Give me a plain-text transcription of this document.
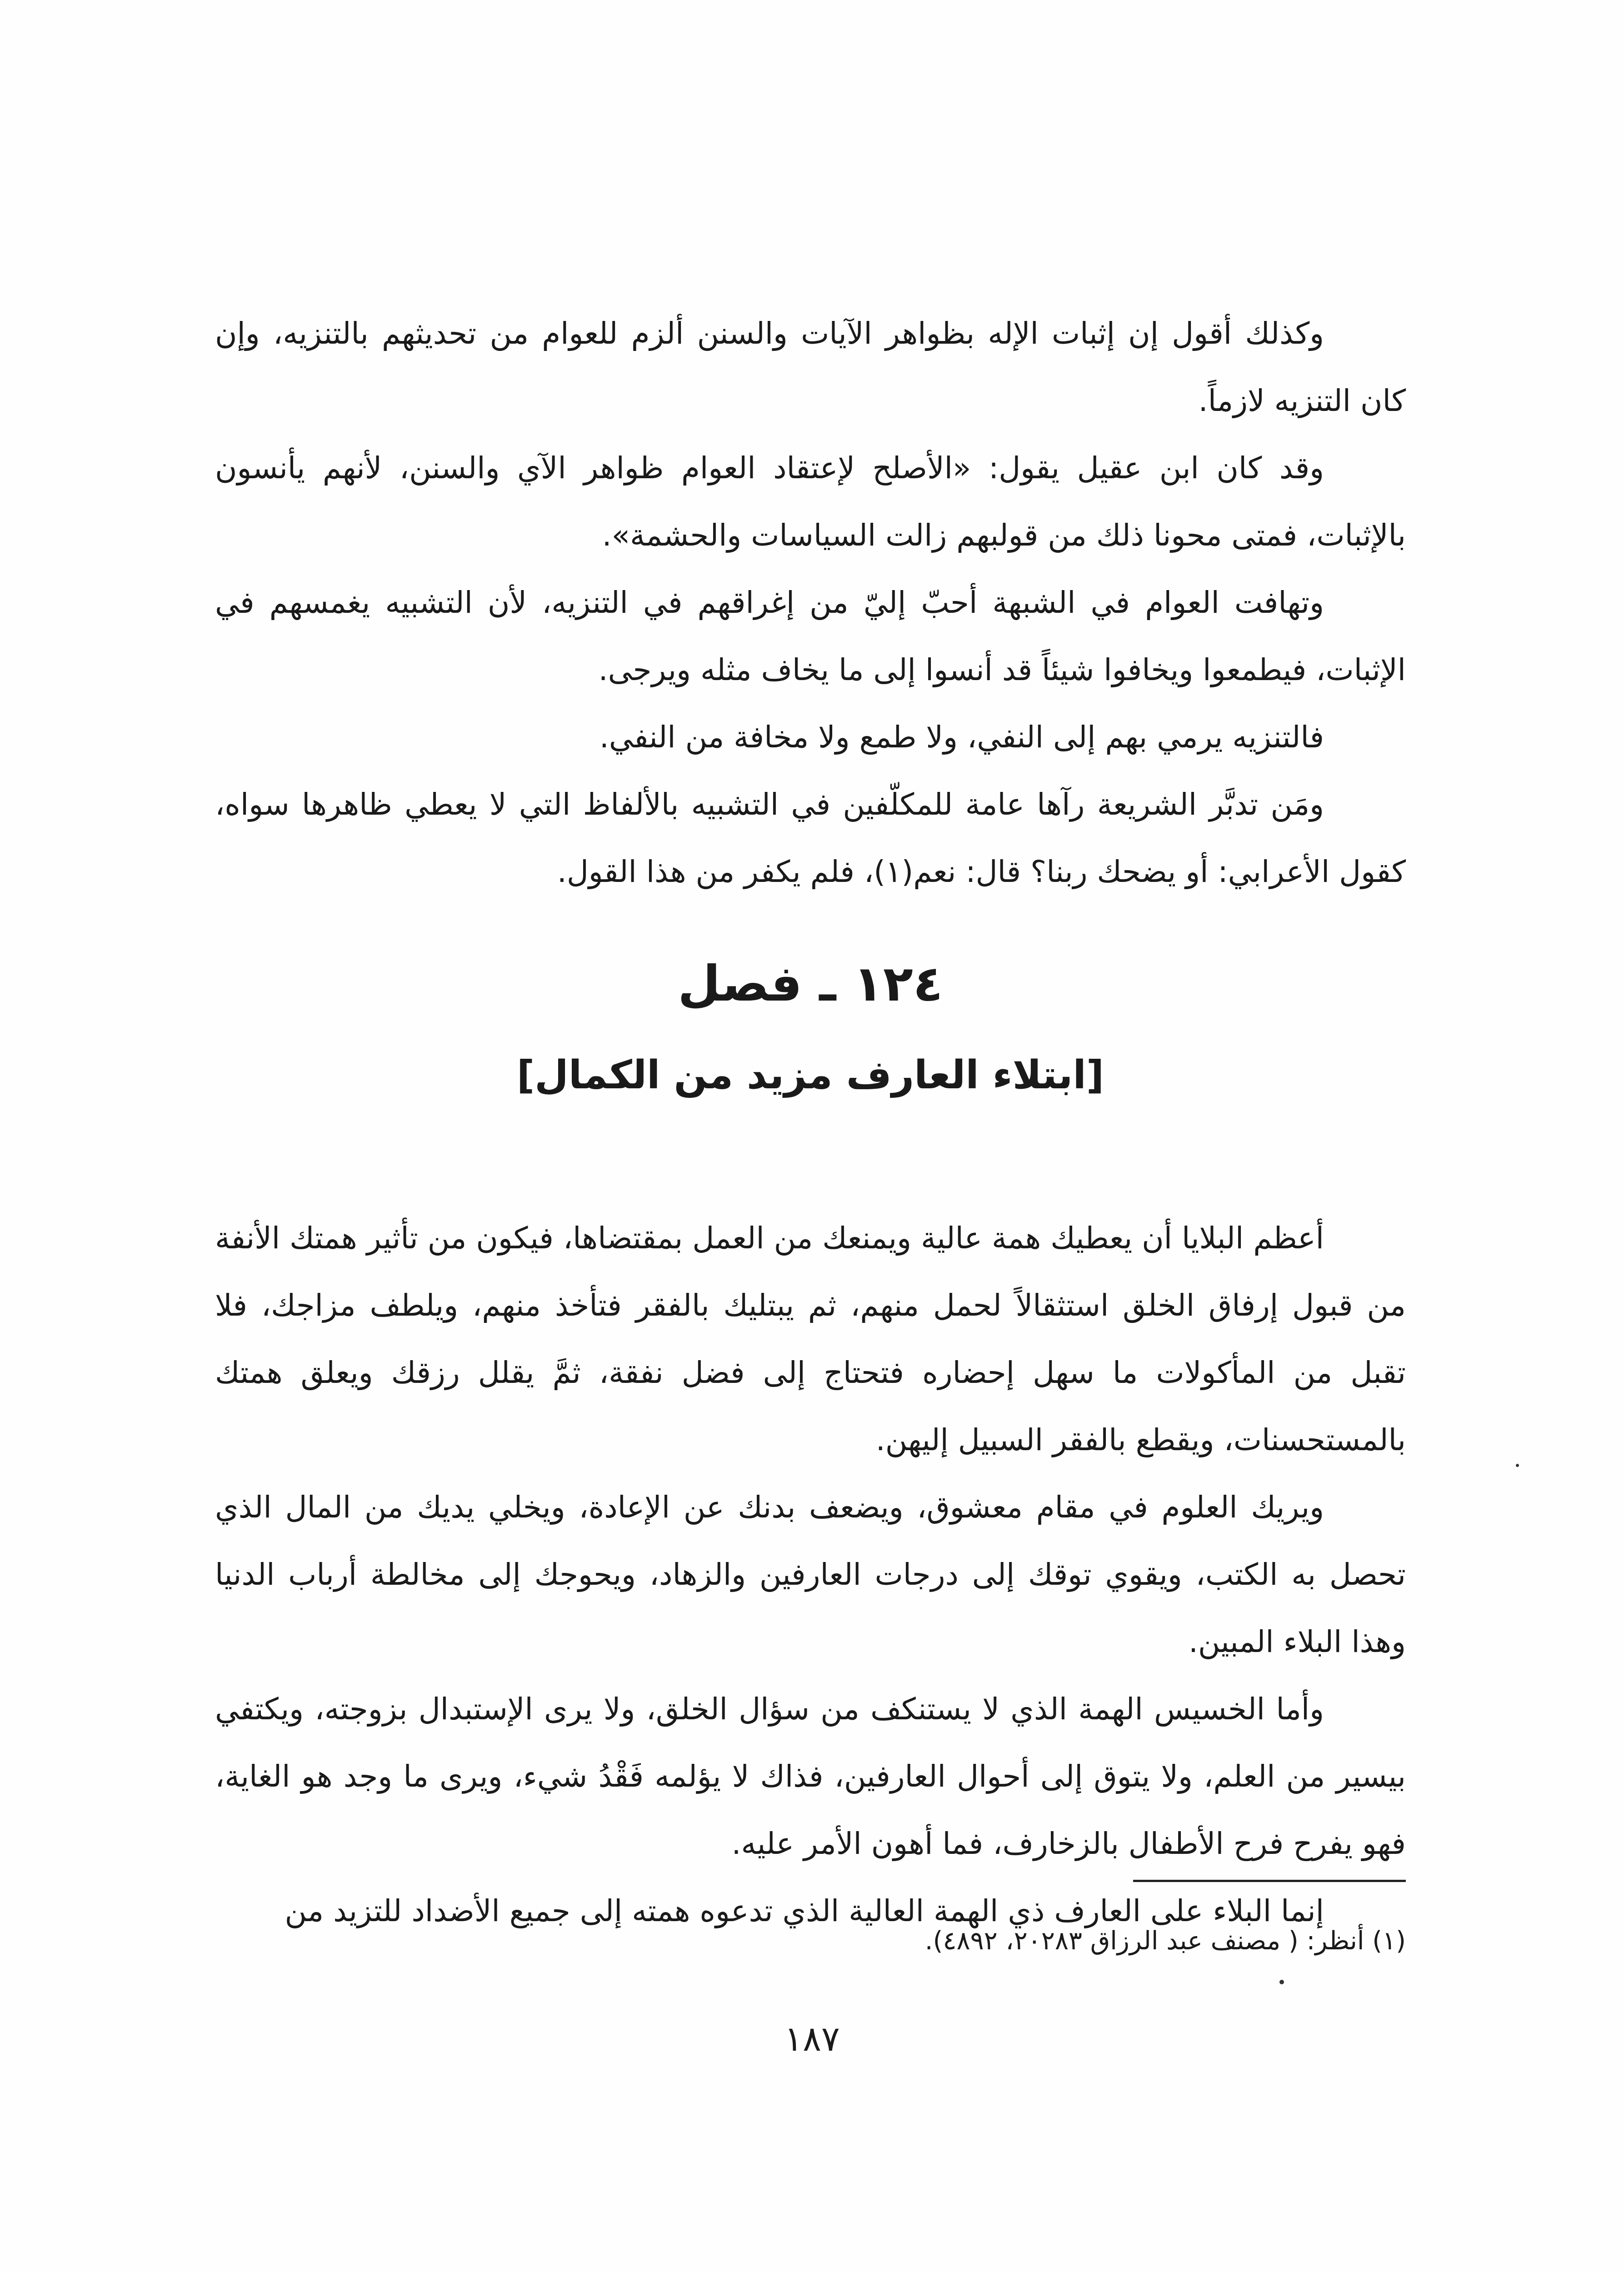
وكذلك أقول إن إثبات الإله بظواهر الآيات والسنن ألزم للعوام من تحديثهم بالتنزيه، وإن كان التنزيه لازماً.

وقد كان ابن عقيل يقول: «الأصلح لإعتقاد العوام ظواهر الآي والسنن، لأنهم يأنسون بالإثبات، فمتى محونا ذلك من قولبهم زالت السياسات والحشمة».

وتهافت العوام في الشبهة أحبّ إليّ من إغراقهم في التنزيه، لأن التشبيه يغمسهم في الإثبات، فيطمعوا ويخافوا شيئاً قد أنسوا إلى ما يخاف مثله ويرجى.

فالتنزيه يرمي بهم إلى النفي، ولا طمع ولا مخافة من النفي.

ومَن تدبَّر الشريعة رآها عامة للمكلّفين في التشبيه بالألفاظ التي لا يعطي ظاهرها سواه، كقول الأعرابي: أو يضحك ربنا؟ قال: نعم(١)، فلم يكفر من هذا القول.

١٢٤ ـ فصل
[ابتلاء العارف مزيد من الكمال]

أعظم البلايا أن يعطيك همة عالية ويمنعك من العمل بمقتضاها، فيكون من تأثير همتك الأنفة من قبول إرفاق الخلق استثقالاً لحمل منهم، ثم يبتليك بالفقر فتأخذ منهم، ويلطف مزاجك، فلا تقبل من المأكولات ما سهل إحضاره فتحتاج إلى فضل نفقة، ثمَّ يقلل رزقك ويعلق همتك بالمستحسنات، ويقطع بالفقر السبيل إليهن.

ويريك العلوم في مقام معشوق، ويضعف بدنك عن الإعادة، ويخلي يديك من المال الذي تحصل به الكتب، ويقوي توقك إلى درجات العارفين والزهاد، ويحوجك إلى مخالطة أرباب الدنيا وهذا البلاء المبين.

وأما الخسيس الهمة الذي لا يستنكف من سؤال الخلق، ولا يرى الإستبدال بزوجته، ويكتفي بيسير من العلم، ولا يتوق إلى أحوال العارفين، فذاك لا يؤلمه فَقْدُ شيء، ويرى ما وجد هو الغاية، فهو يفرح فرح الأطفال بالزخارف، فما أهون الأمر عليه.

إنما البلاء على العارف ذي الهمة العالية الذي تدعوه همته إلى جميع الأضداد للتزيد من

(١) أنظر: ( مصنف عبد الرزاق ٢٠٢٨٣، ٤٨٩٢).

١٨٧
